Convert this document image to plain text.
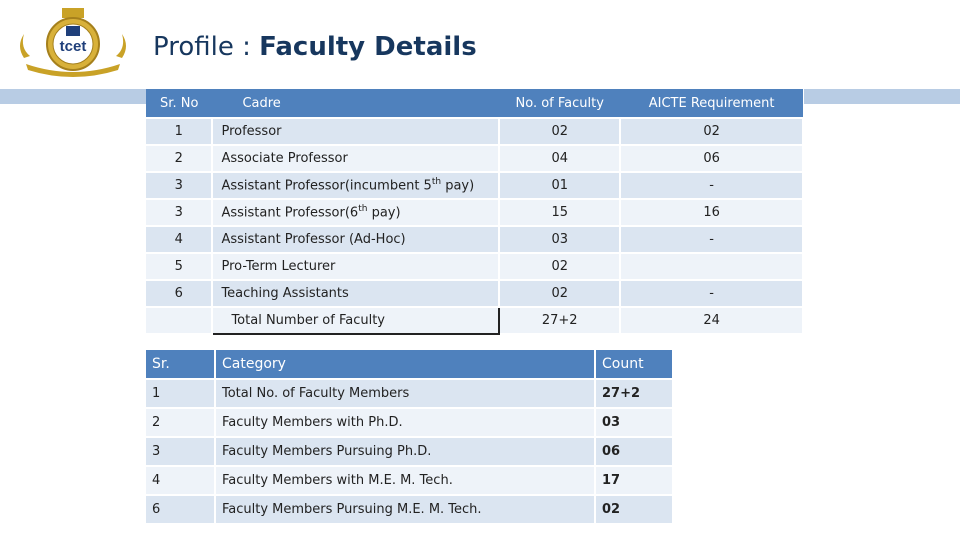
tcet	Profile : Faculty Details
Sr. No	Cadre	No. of Faculty	AICTE Requirement
1	Professor	02	02
2	Associate Professor	04	06
3	Assistant Professor(incumbent 5th pay)	01	-
3	Assistant Professor(6th pay)	15	16
4	Assistant Professor (Ad-Hoc)	03	-
5	Pro-Term Lecturer	02	
6	Teaching Assistants	02	-
	Total Number of Faculty	27+2	24
Sr.	Category	Count
1	Total No. of Faculty Members	27+2
2	Faculty Members with Ph.D.	03
3	Faculty Members Pursuing Ph.D.	06
4	Faculty Members with M.E. M. Tech.	17
6	Faculty Members Pursuing M.E. M. Tech.	02
